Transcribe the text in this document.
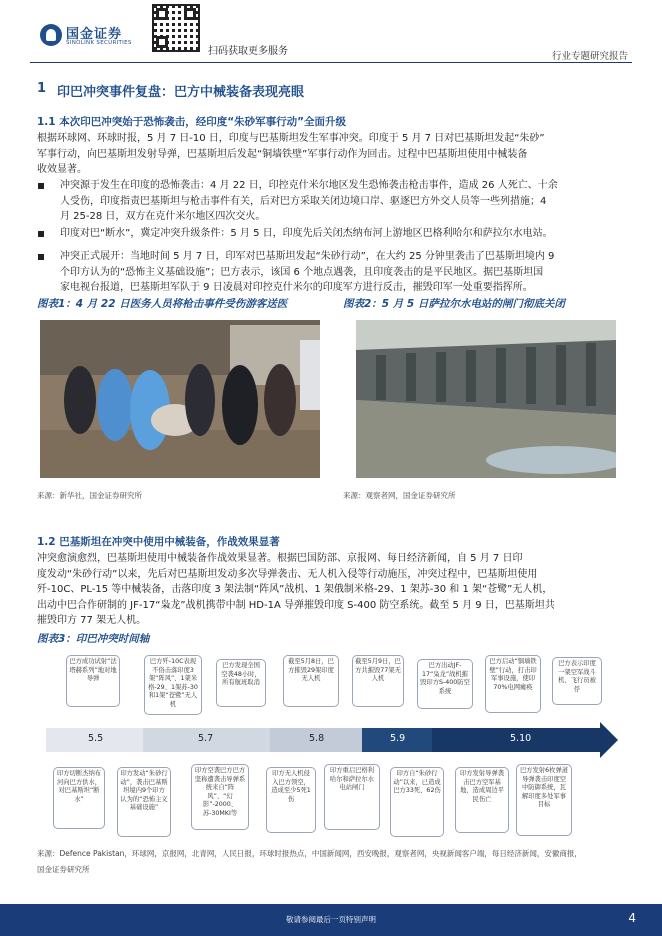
国金证券
SINOLINK SECURITIES
扫码获取更多服务	行业专题研究报告
1 印巴冲突事件复盘：巴方中械装备表现亮眼
1.1 本次印巴冲突始于恐怖袭击，经印度“朱砂军事行动”全面升级
根据环球网、环球时报，5 月 7 日-10 日，印度与巴基斯坦发生军事冲突。印度于 5 月 7 日对巴基斯坦发起“朱砂”
军事行动，向巴基斯坦发射导弹，巴基斯坦后发起“铜墙铁壁”军事行动作为回击。过程中巴基斯坦使用中械装备
收效显著。
冲突源于发生在印度的恐怖袭击：4 月 22 日，印控克什米尔地区发生恐怖袭击枪击事件，造成 26 人死亡、十余
人受伤，印度指责巴基斯坦与枪击事件有关，后对巴方采取关闭边境口岸、驱逐巴方外交人员等一些列措施；4
月 25-28 日，双方在克什米尔地区四次交火。
印度对巴“断水”，冀定冲突升级条件：5 月 5 日，印度先后关闭杰纳布河上游地区巴格利哈尔和萨拉尔水电站。
冲突正式展开：当地时间 5 月 7 日，印军对巴基斯坦发起“朱砂行动”，在大约 25 分钟里袭击了巴基斯坦境内 9
个印方认为的“恐怖主义基础设施”；巴方表示，该国 6 个地点遇袭，且印度袭击的是平民地区。据巴基斯坦国
家电视台报道，巴基斯坦军队于 9 日凌晨对印控克什米尔的印度军方进行反击，摧毁印军一处重要指挥所。
图表1：4 月 22 日医务人员将枪击事件受伤游客送医	图表2：5 月 5 日萨拉尔水电站的闸门彻底关闭
来源：新华社，国金证券研究所	来源：观察者网，国金证券研究所
1.2 巴基斯坦在冲突中使用中械装备，作战效果显著
冲突愈演愈烈，巴基斯坦使用中械装备作战效果显著。根据巴国防部、京报网、每日经济新闻，自 5 月 7 日印
度发动“朱砂行动”以来，先后对巴基斯坦发动多次导弹袭击、无人机入侵等行动施压，冲突过程中，巴基斯坦使用
歼-10C、PL-15 等中械装备，击落印度 3 架法制“阵风”战机、1 架俄制米格-29、1 架苏-30 和 1 架“苍鹭”无人机，
出动中巴合作研制的 JF-17“枭龙”战机携带中制 HD-1A 导弹摧毁印度 S-400 防空系统。截至 5 月 9 日，巴基斯坦共
摧毁印方 77 架无人机。
图表3：印巴冲突时间轴
巴方成功试射“法塔赫系列”地对地导弹
巴方歼-10C表现不俗击落印度3架“阵风”、1架米格-29、1架苏-30和1架“苍鹭”无人机
巴方发现全国空袭48小时，所有航班取消
截至5月8日，巴方摧毁29架印度无人机
截至5月9日，巴方共摧毁77架无人机
巴方出动JF-17“枭龙”战机摧毁印方S-400防空系统
巴方启动“铜墙铁壁”行动，打击印军事设施，使印70%电网瘫痪
巴方表示印度一架空军战斗机、飞行员被俘
5.5	5.7	5.8	5.9	5.10
印方切断杰纳布河向巴方供水，对巴基斯坦“断水”
印方发动“朱砂行动”，袭击巴基斯坦境内9个印方认为的“恐怖主义基础设施”
印方空袭巴方巴方坚称遭袭击导弹系统来自“阵风”、“幻影”-2000、苏-30MKI等
印方无人机侵入巴方领空，造成至少5死1伤
印方重启巴格利哈尔和萨拉尔水电站闸门
印方自“朱砂行动”以来，已造成巴方33死、62伤
印方发射导弹袭击巴方空军基地，造成周边平民伤亡
巴方发射6枚弹道导弹袭击印度空中防御系统，瓦解印度多处军事目标
来源：Defence Pakistan，环球网，京报网，北青网，人民日报，环球时报热点，中国新闻网，西安晚报，观察者网，央视新闻客户端，每日经济新闻，安徽商报，
国金证券研究所
敬请参阅最后一页特别声明	4
